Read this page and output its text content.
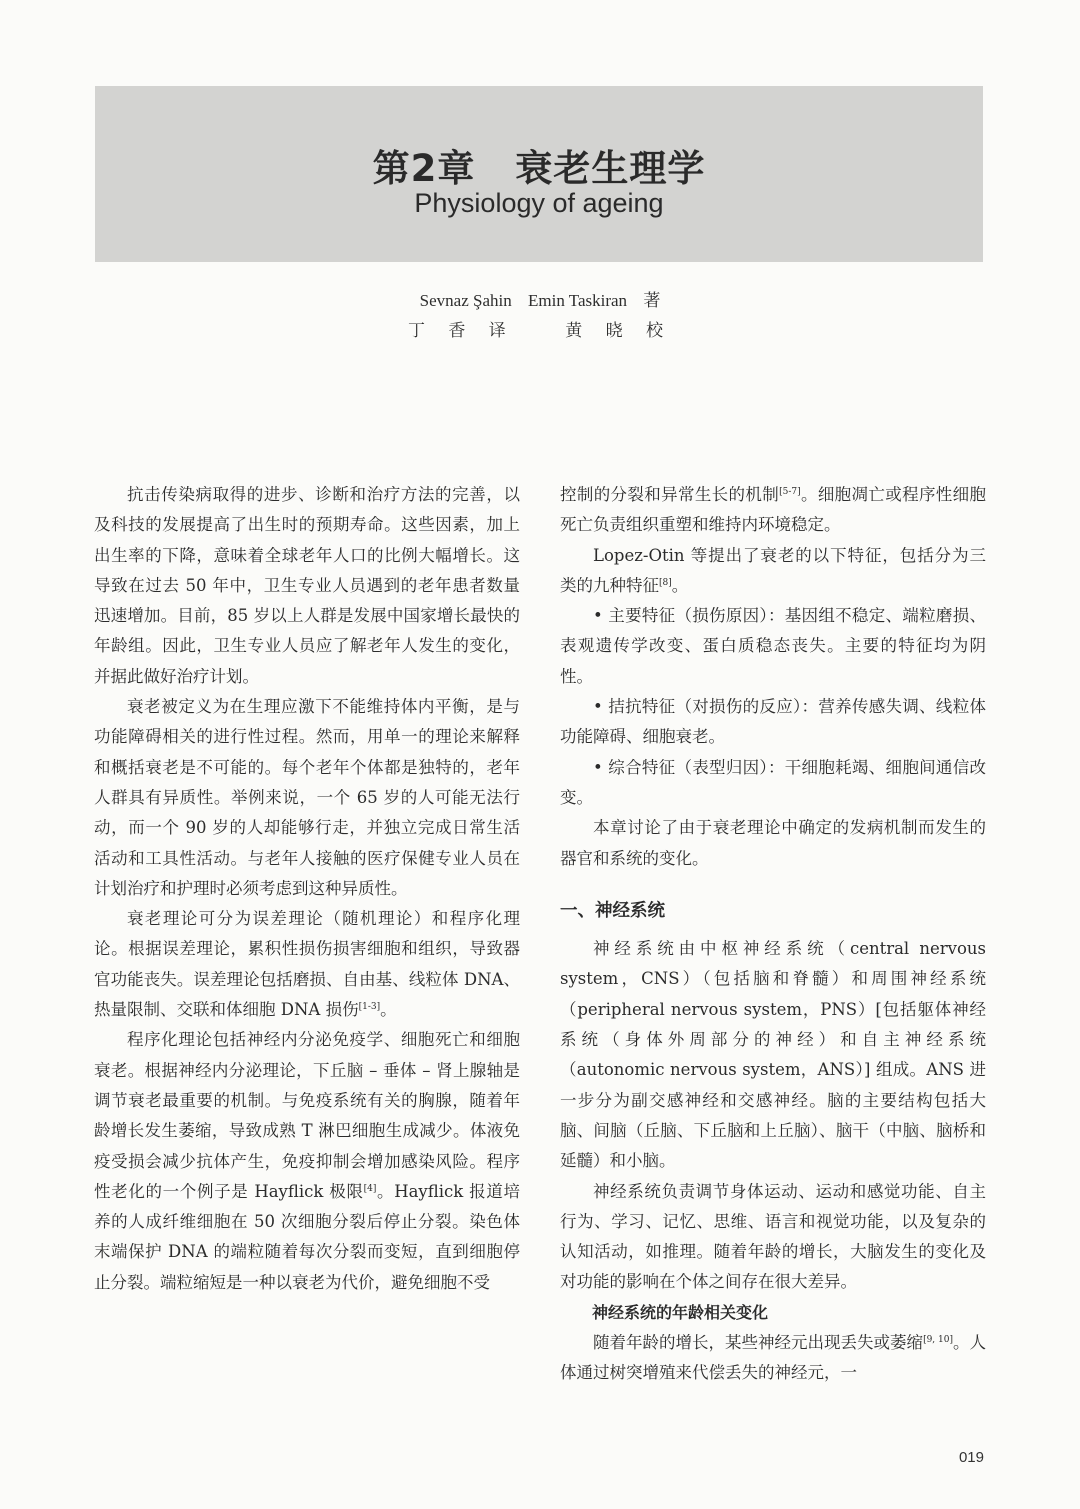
第2章 衰老生理学
Physiology of ageing
Sevnaz Şahin Emin Taskiran 著
丁 香 译	黄 晓 校

抗击传染病取得的进步、诊断和治疗方法的完善，以及科技的发展提高了出生时的预期寿命。这些因素，加上出生率的下降，意味着全球老年人口的比例大幅增长。这导致在过去 50 年中，卫生专业人员遇到的老年患者数量迅速增加。目前，85 岁以上人群是发展中国家增长最快的年龄组。因此，卫生专业人员应了解老年人发生的变化，并据此做好治疗计划。

衰老被定义为在生理应激下不能维持体内平衡，是与功能障碍相关的进行性过程。然而，用单一的理论来解释和概括衰老是不可能的。每个老年个体都是独特的，老年人群具有异质性。举例来说，一个 65 岁的人可能无法行动，而一个 90 岁的人却能够行走，并独立完成日常生活活动和工具性活动。与老年人接触的医疗保健专业人员在计划治疗和护理时必须考虑到这种异质性。

衰老理论可分为误差理论（随机理论）和程序化理论。根据误差理论，累积性损伤损害细胞和组织，导致器官功能丧失。误差理论包括磨损、自由基、线粒体 DNA、热量限制、交联和体细胞 DNA 损伤[1-3]。

程序化理论包括神经内分泌免疫学、细胞死亡和细胞衰老。根据神经内分泌理论，下丘脑 – 垂体 – 肾上腺轴是调节衰老最重要的机制。与免疫系统有关的胸腺，随着年龄增长发生萎缩，导致成熟 T 淋巴细胞生成减少。体液免疫受损会减少抗体产生，免疫抑制会增加感染风险。程序性老化的一个例子是 Hayflick 极限[4]。Hayflick 报道培养的人成纤维细胞在 50 次细胞分裂后停止分裂。染色体末端保护 DNA 的端粒随着每次分裂而变短，直到细胞停止分裂。端粒缩短是一种以衰老为代价，避免细胞不受

控制的分裂和异常生长的机制[5-7]。细胞凋亡或程序性细胞死亡负责组织重塑和维持内环境稳定。

Lopez-Otin 等提出了衰老的以下特征，包括分为三类的九种特征[8]。

• 主要特征（损伤原因）：基因组不稳定、端粒磨损、表观遗传学改变、蛋白质稳态丧失。主要的特征均为阴性。

• 拮抗特征（对损伤的反应）：营养传感失调、线粒体功能障碍、细胞衰老。

• 综合特征（表型归因）：干细胞耗竭、细胞间通信改变。

本章讨论了由于衰老理论中确定的发病机制而发生的器官和系统的变化。

一、神经系统

神经系统由中枢神经系统（central nervous system，CNS）（包括脑和脊髓）和周围神经系统（peripheral nervous system，PNS）[包括躯体神经系统（身体外周部分的神经）和自主神经系统（autonomic nervous system，ANS）] 组成。ANS 进一步分为副交感神经和交感神经。脑的主要结构包括大脑、间脑（丘脑、下丘脑和上丘脑）、脑干（中脑、脑桥和延髓）和小脑。

神经系统负责调节身体运动、运动和感觉功能、自主行为、学习、记忆、思维、语言和视觉功能，以及复杂的认知活动，如推理。随着年龄的增长，大脑发生的变化及对功能的影响在个体之间存在很大差异。

神经系统的年龄相关变化

随着年龄的增长，某些神经元出现丢失或萎缩[9, 10]。人体通过树突增殖来代偿丢失的神经元，一

019
